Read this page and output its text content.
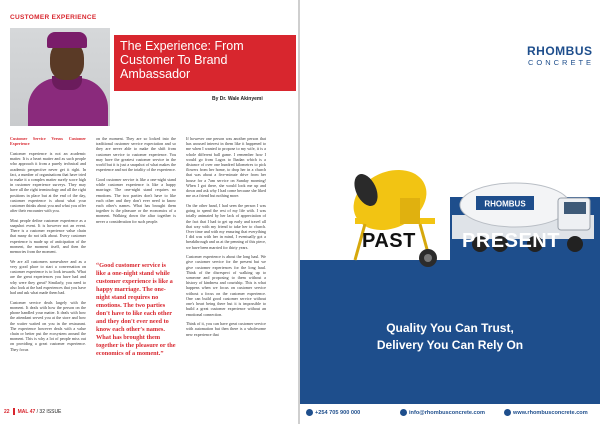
CUSTOMER EXPERIENCE
The Experience: From Customer To Brand Ambassador
By Dr. Wale Akinyemi

Customer Service Versus Customer Experience

Customer experience is not an academic matter. It is a heart matter and as such people who approach it from a purely technical and academic perspective never get it right. In fact, a number of organisations that have tried to make it a complex matter surely score high in customer experience surveys. They may have all the right terminology and all the right positions in place but at the end of the day, customer experience is about what your customer thinks about you and what you offer after their encounter with you.

Most people define customer experience as a snapshot event. It is however not an event. There is a customer experience value chain that many do not talk about. Every customer experience is made up of anticipation of the moment, the moment itself, and then the memories from the moment.

We are all customers somewhere and as a very good place to start a conversation on customer experience is to look inwards. What are the great experiences you have had and why were they great? Similarly, you need to also look at the bad experiences that you have had and ask what made them bad.

Customer service deals largely with the moment. It deals with how the person on the phone handled your matter. It deals with how the attendant served you at the store and how the waiter waited on you in the restaurant. The experience however deals with a value chain or better put the ecosystem around the moment. This is why a lot of people miss out on providing a great customer experience. They focus

on the moment. They are so locked into the traditional customer service expectation and so they are never able to make the shift from customer service to customer experience. You may have the greatest customer service in the world but it is just a snapshot of what makes the experience and not the totality of the experience.

Good customer service is like a one-night stand while customer experience is like a happy marriage. The one-night stand requires no emotions. The two parties don't have to like each other and they don't ever need to know each other's names. What has brought them together is the pleasure or the economics of a moment. Walking down the altar together is never a consideration for such people.

“Good customer service is like a one-night stand while customer experience is like a happy marriage. The one-night stand requires no emotions. The two parties don't have to like each other and they don't ever need to know each other's names. What has brought them together is the pleasure or the economics of a moment.”

If however one person was another person that has aroused interest in them like it happened to me when I wanted to propose to my wife, it is a whole different ball game. I remember how I would go from Lagos to Ibadan which is a distance of over one hundred kilometres to pick flowers from her home, to drop her in a church that was about a five-minute drive from her house for a 7am service on Sunday morning! When I got there, she would look me up and down and ask why I had come because she liked me as a friend but nothing more.

On the other hand, I had seen the person I was going to spend the rest of my life with. I was totally animated by her lack of appreciation of the fact that I had to get up early and travel all that way with my friend to take her to church. Over time and with my ensuring that everything I did was with her in mind, I eventually got a breakthrough and as at the penning of this piece, we have been married for thirty years.

Customer experience is about the long haul. We give customer service for the present but we give customer experiences for the long haul. Think of the disrespect of walking up to someone and proposing to them without a history of kindness and courtship. This is what happens when we focus on customer service without a focus on the customer experience. One can build good customer service without one's heart being there but it is impossible to build a great customer experience without an emotional connection.

Think of it, you can have great customer service with automation but then there is a wholesome new experience that

22 MAL 47 / 32 ISSUE
RHOMBUS
CONCRETE
RHOMBUS
PAST PRESENT
Quality You Can Trust,
Delivery You Can Rely On
+254 705 900 000	info@rhombusconcrete.com	www.rhombusconcrete.com
